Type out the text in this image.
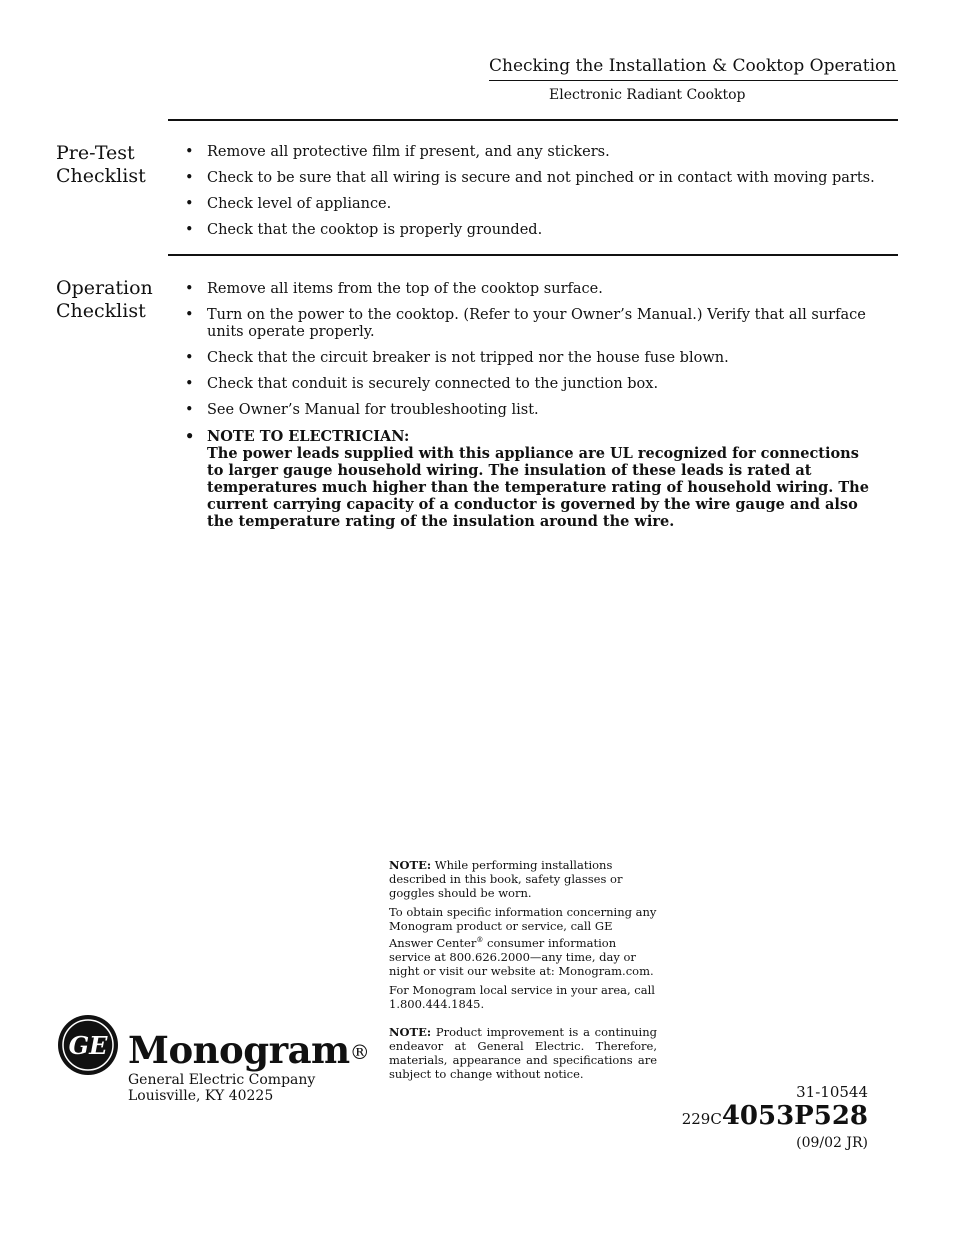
Checking the Installation & Cooktop Operation
Electronic Radiant Cooktop
Pre-Test
Checklist
• Remove all protective film if present, and any stickers.
• Check to be sure that all wiring is secure and not pinched or in contact with moving parts.
• Check level of appliance.
• Check that the cooktop is properly grounded.
Operation
Checklist
• Remove all items from the top of the cooktop surface.
• Turn on the power to the cooktop. (Refer to your Owner’s Manual.) Verify that all surface units operate properly.
• Check that the circuit breaker is not tripped nor the house fuse blown.
• Check that conduit is securely connected to the junction box.
• See Owner’s Manual for troubleshooting list.
• NOTE TO ELECTRICIAN:
The power leads supplied with this appliance are UL recognized for connections to larger gauge household wiring. The insulation of these leads is rated at temperatures much higher than the temperature rating of household wiring. The current carrying capacity of a conductor is governed by the wire gauge and also the temperature rating of the insulation around the wire.

NOTE: While performing installations described in this book, safety glasses or goggles should be worn.

To obtain specific information concerning any Monogram product or service, call GE Answer Center® consumer information service at 800.626.2000—any time, day or night or visit our website at: Monogram.com.

For Monogram local service in your area, call 1.800.444.1845.

NOTE: Product improvement is a continuing endeavor at General Electric. Therefore, materials, appearance and specifications are subject to change without notice.

GE Monogram®
General Electric Company
Louisville, KY 40225	31-10544
229C4053P528
(09/02 JR)
